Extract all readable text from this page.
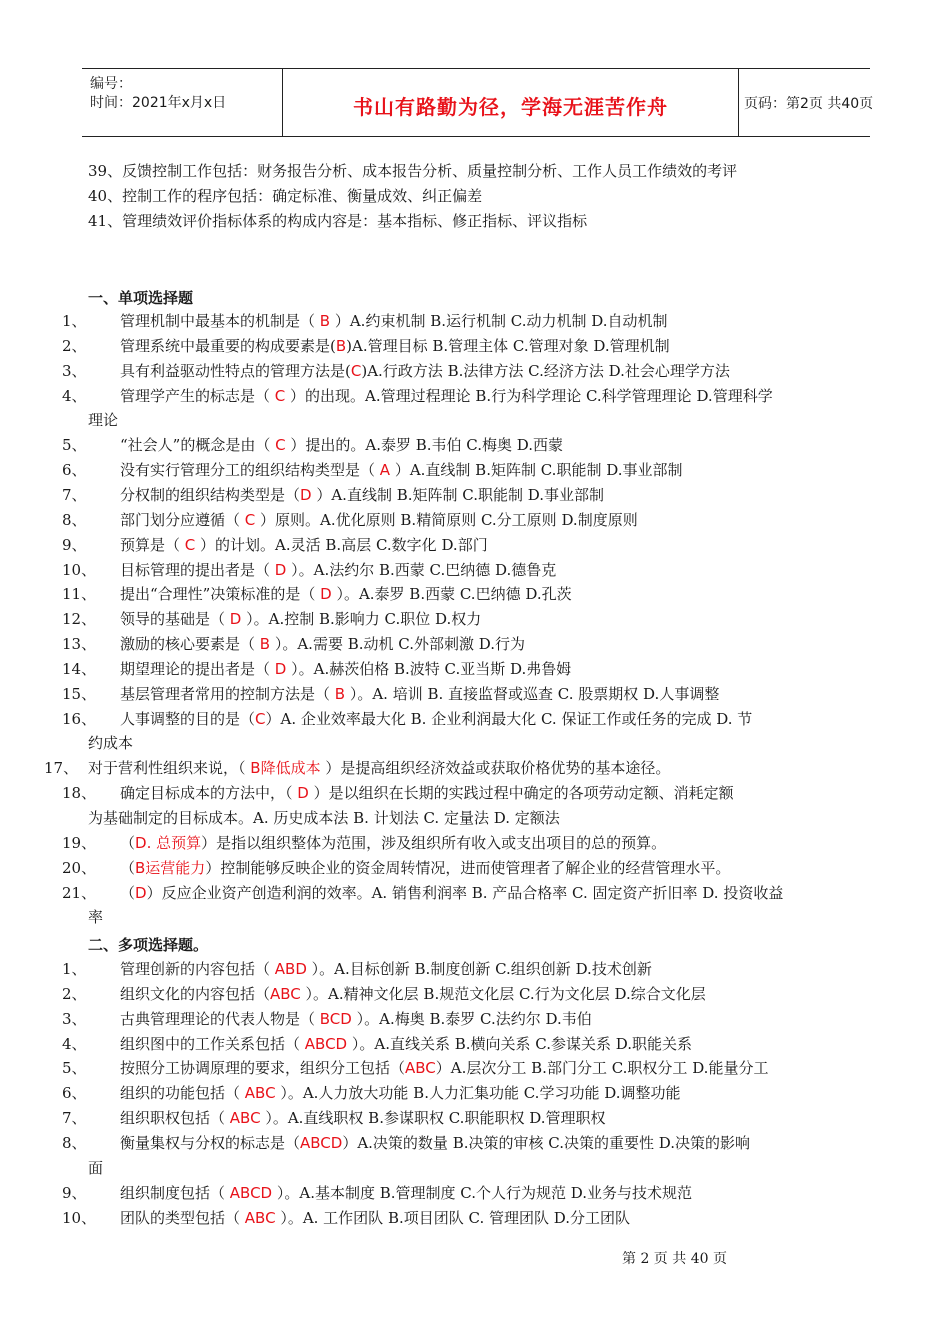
编号：
时间：2021年x月x日	书山有路勤为径，学海无涯苦作舟	页码：第2页 共40页
39、反馈控制工作包括：财务报告分析、成本报告分析、质量控制分析、工作人员工作绩效的考评
40、控制工作的程序包括：确定标准、衡量成效、纠正偏差
41、管理绩效评价指标体系的构成内容是：基本指标、修正指标、评议指标
一、单项选择题
1、 管理机制中最基本的机制是（ B ）A.约束机制 B.运行机制 C.动力机制 D.自动机制
2、 管理系统中最重要的构成要素是(B)A.管理目标 B.管理主体 C.管理对象 D.管理机制
3、 具有利益驱动性特点的管理方法是(C)A.行政方法 B.法律方法 C.经济方法 D.社会心理学方法
4、 管理学产生的标志是（ C ）的出现。A.管理过程理论 B.行为科学理论 C.科学管理理论 D.管理科学
理论
5、 “社会人”的概念是由（ C ）提出的。A.泰罗 B.韦伯 C.梅奥 D.西蒙
6、 没有实行管理分工的组织结构类型是（ A ）A.直线制 B.矩阵制 C.职能制 D.事业部制
7、 分权制的组织结构类型是（D ）A.直线制 B.矩阵制 C.职能制 D.事业部制
8、 部门划分应遵循（ C ）原则。A.优化原则 B.精简原则 C.分工原则 D.制度原则
9、 预算是（ C ）的计划。A.灵活 B.高层 C.数字化 D.部门
10、 目标管理的提出者是（ D ）。A.法约尔 B.西蒙 C.巴纳德 D.德鲁克
11、 提出“合理性”决策标准的是（ D ）。A.泰罗 B.西蒙 C.巴纳德 D.孔茨
12、 领导的基础是（ D ）。A.控制 B.影响力 C.职位 D.权力
13、 激励的核心要素是（ B ）。A.需要 B.动机 C.外部刺激 D.行为
14、 期望理论的提出者是（ D ）。A.赫茨伯格 B.波特 C.亚当斯 D.弗鲁姆
15、 基层管理者常用的控制方法是（ B ）。A. 培训 B. 直接监督或巡查 C. 股票期权 D.人事调整
16、 人事调整的目的是（C）A. 企业效率最大化 B. 企业利润最大化 C. 保证工作或任务的完成 D. 节
约成本
17、 对于营利性组织来说，（ B降低成本 ）是提高组织经济效益或获取价格优势的基本途径。
18、 确定目标成本的方法中，（ D ）是以组织在长期的实践过程中确定的各项劳动定额、消耗定额
为基础制定的目标成本。A. 历史成本法 B. 计划法 C. 定量法 D. 定额法
19、 （D. 总预算）是指以组织整体为范围，涉及组织所有收入或支出项目的总的预算。
20、 （B运营能力）控制能够反映企业的资金周转情况，进而使管理者了解企业的经营管理水平。
21、 （D）反应企业资产创造利润的效率。A. 销售利润率 B. 产品合格率 C. 固定资产折旧率 D. 投资收益
率
二、多项选择题。
1、 管理创新的内容包括（ ABD ）。A.目标创新 B.制度创新 C.组织创新 D.技术创新
2、 组织文化的内容包括（ABC ）。A.精神文化层 B.规范文化层 C.行为文化层 D.综合文化层
3、 古典管理理论的代表人物是（ BCD ）。A.梅奥 B.泰罗 C.法约尔 D.韦伯
4、 组织图中的工作关系包括（ ABCD ）。A.直线关系 B.横向关系 C.参谋关系 D.职能关系
5、 按照分工协调原理的要求，组织分工包括（ABC）A.层次分工 B.部门分工 C.职权分工 D.能量分工
6、 组织的功能包括（ ABC ）。A.人力放大功能 B.人力汇集功能 C.学习功能 D.调整功能
7、 组织职权包括（ ABC ）。A.直线职权 B.参谋职权 C.职能职权 D.管理职权
8、 衡量集权与分权的标志是（ABCD）A.决策的数量 B.决策的审核 C.决策的重要性 D.决策的影响
面
9、 组织制度包括（ ABCD ）。A.基本制度 B.管理制度 C.个人行为规范 D.业务与技术规范
10、 团队的类型包括（ ABC ）。A. 工作团队 B.项目团队 C. 管理团队 D.分工团队
第 2 页 共 40 页
